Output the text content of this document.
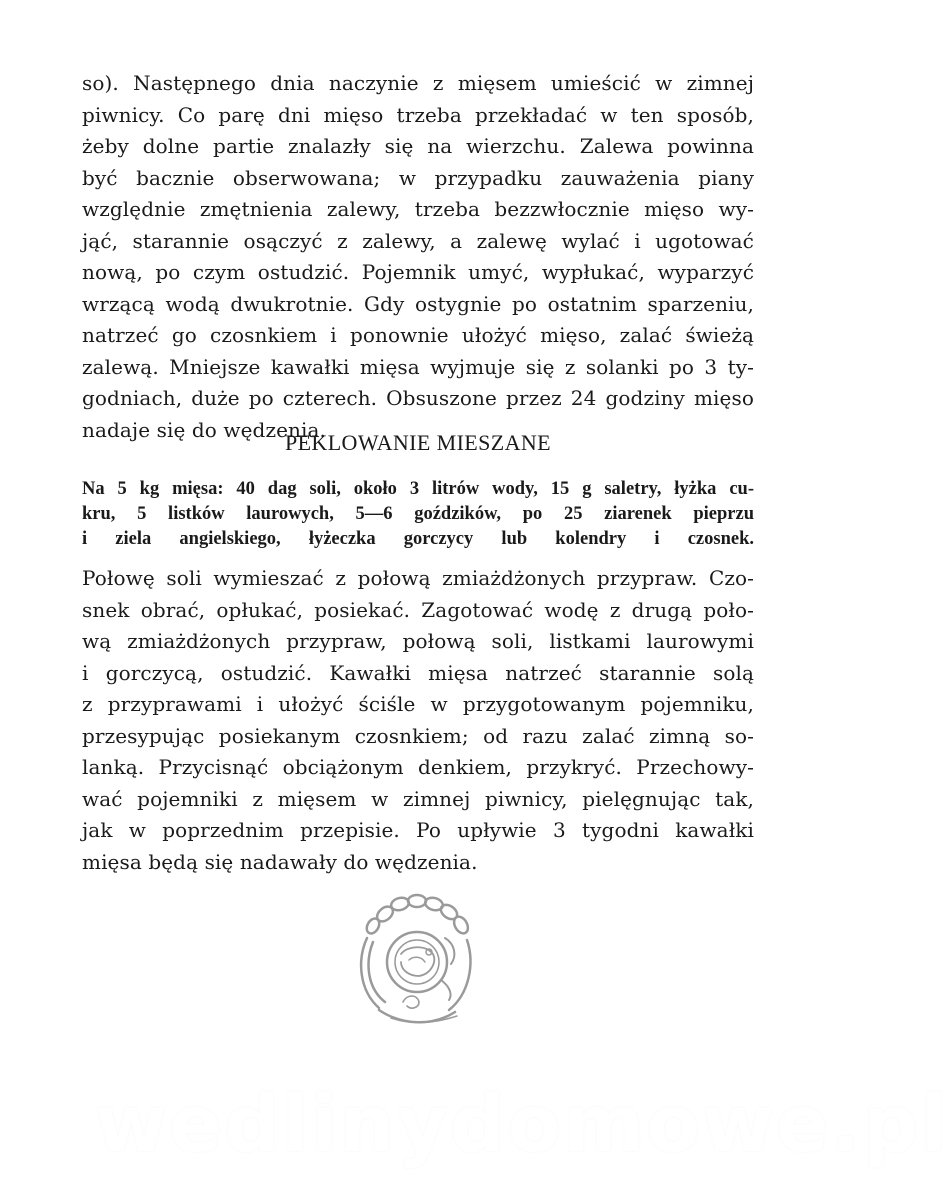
so). Następnego dnia naczynie z mięsem umieścić w zimnej
piwnicy. Co parę dni mięso trzeba przekładać w ten sposób,
żeby dolne partie znalazły się na wierzchu. Zalewa powinna
być bacznie obserwowana; w przypadku zauważenia piany
względnie zmętnienia zalewy, trzeba bezzwłocznie mięso wy-
jąć, starannie osączyć z zalewy, a zalewę wylać i ugotować
nową, po czym ostudzić. Pojemnik umyć, wypłukać, wyparzyć
wrzącą wodą dwukrotnie. Gdy ostygnie po ostatnim sparzeniu,
natrzeć go czosnkiem i ponownie ułożyć mięso, zalać świeżą
zalewą. Mniejsze kawałki mięsa wyjmuje się z solanki po 3 ty-
godniach, duże po czterech. Obsuszone przez 24 godziny mięso
nadaje się do wędzenia.

PEKLOWANIE MIESZANE

Na 5 kg mięsa: 40 dag soli, około 3 litrów wody, 15 g saletry, łyżka cu-
kru, 5 listków laurowych, 5—6 goździków, po 25 ziarenek pieprzu
i ziela angielskiego, łyżeczka gorczycy lub kolendry i czosnek.

Połowę soli wymieszać z połową zmiażdżonych przypraw. Czo-
snek obrać, opłukać, posiekać. Zagotować wodę z drugą poło-
wą zmiażdżonych przypraw, połową soli, listkami laurowymi
i gorczycą, ostudzić. Kawałki mięsa natrzeć starannie solą
z przyprawami i ułożyć ściśle w przygotowanym pojemniku,
przesypując posiekanym czosnkiem; od razu zalać zimną so-
lanką. Przycisnąć obciążonym denkiem, przykryć. Przechowy-
wać pojemniki z mięsem w zimnej piwnicy, pielęgnując tak,
jak w poprzednim przepisie. Po upływie 3 tygodni kawałki
mięsa będą się nadawały do wędzenia.

wedlinydomowe.pl
